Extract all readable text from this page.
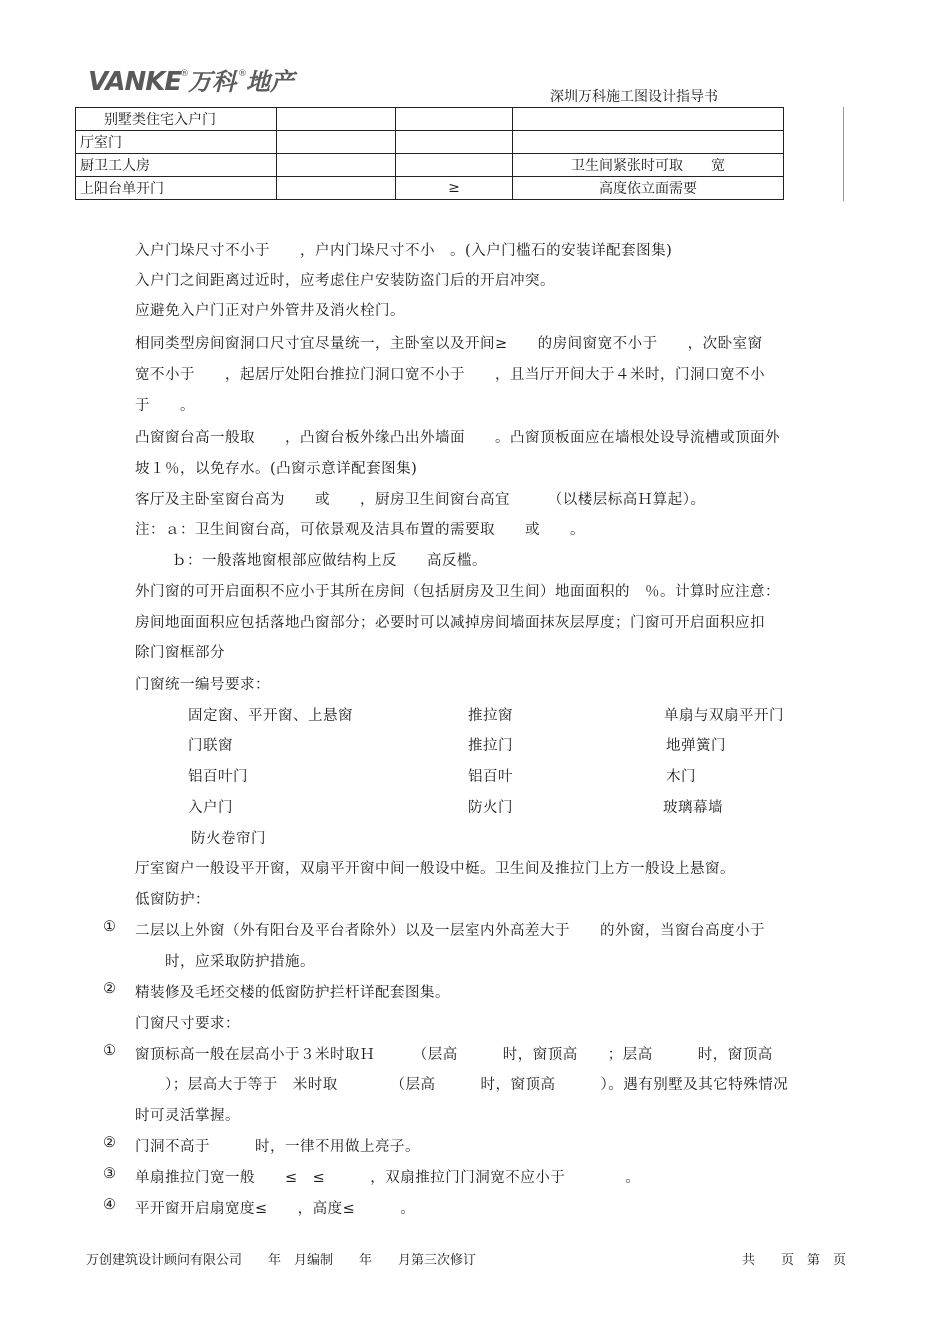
VANKE
® 万科 ® 地产
深圳万科施工图设计指导书
别墅类住宅入户门			
厅室门			
厨卫工人房			卫生间紧张时可取　　宽
上阳台单开门		≥	高度依立面需要
入户门垛尺寸不小于　　，户内门垛尺寸不小　。(入户门槛石的安装详配套图集)
入户门之间距离过近时，应考虑住户安装防盗门后的开启冲突。
应避免入户门正对户外管井及消火栓门。
相同类型房间窗洞口尺寸宜尽量统一，主卧室以及开间≥　　的房间窗宽不小于　　，次卧室窗
宽不小于　　，起居厅处阳台推拉门洞口宽不小于　　，且当厅开间大于４米时，门洞口宽不小
于　　。
凸窗窗台高一般取　　，凸窗台板外缘凸出外墙面　　。凸窗顶板面应在墙根处设导流槽或顶面外
坡１％，以免存水。(凸窗示意详配套图集)
客厅及主卧室窗台高为　　或　　，厨房卫生间窗台高宜　　　（以楼层标高Ｈ算起）。
注：ａ：卫生间窗台高，可依景观及洁具布置的需要取　　或　　。
ｂ：一般落地窗根部应做结构上反　　高反槛。
外门窗的可开启面积不应小于其所在房间（包括厨房及卫生间）地面面积的　％。计算时应注意：
房间地面面积应包括落地凸窗部分；必要时可以减掉房间墙面抹灰层厚度；门窗可开启面积应扣
除门窗框部分
门窗统一编号要求：
固定窗、平开窗、上悬窗	推拉窗	单扇与双扇平开门
门联窗	推拉门	地弹簧门
铝百叶门	铝百叶	木门
入户门	防火门	玻璃幕墙
防火卷帘门
厅室窗户一般设平开窗，双扇平开窗中间一般设中梃。卫生间及推拉门上方一般设上悬窗。
低窗防护：
① 二层以上外窗（外有阳台及平台者除外）以及一层室内外高差大于　　的外窗，当窗台高度小于
时，应采取防护措施。
② 精装修及毛坯交楼的低窗防护拦杆详配套图集。
门窗尺寸要求：
① 窗顶标高一般在层高小于３米时取Ｈ　　　（层高　　　时，窗顶高　　；层高　　　时，窗顶高
）；层高大于等于　米时取　　　　（层高　　　时，窗顶高　　　）。遇有别墅及其它特殊情况
时可灵活掌握。
② 门洞不高于　　　时，一律不用做上亮子。
③ 单扇推拉门宽一般　　≤　≤　　　，双扇推拉门门洞宽不应小于　　　　。
④ 平开窗开启扇宽度≤　　，高度≤　　　。
万创建筑设计顾问有限公司　　年　月编制　　年　　月第三次修订	共　　页　第　页
